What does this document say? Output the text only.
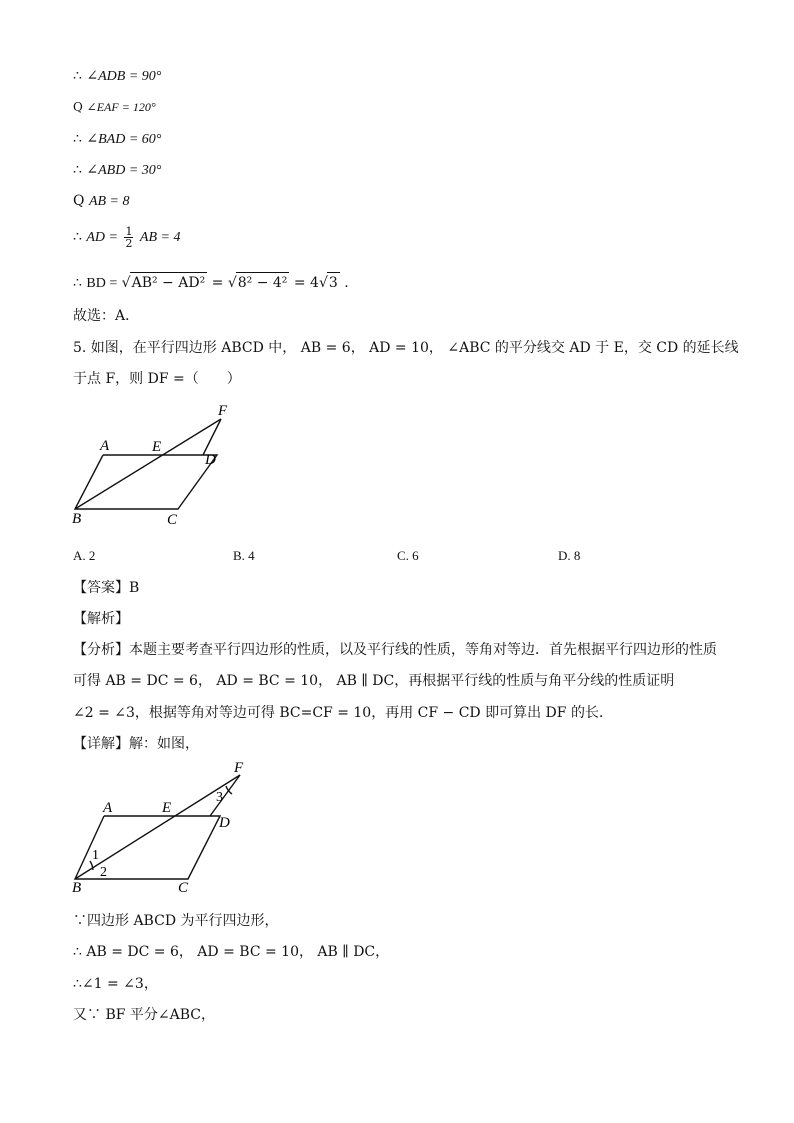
∴ ∠ADB = 90°
Q ∠EAF = 120°
∴ ∠BAD = 60°
∴ ∠ABD = 30°
Q AB = 8
∴ AD = $\frac{1}{2}$ AB = 4
∴ BD = √AB² − AD² = √8² − 4² = 4√3 .
故选：A．
5. 如图，在平行四边形 ABCD 中， AB = 6， AD = 10， ∠ABC 的平分线交 AD 于 E，交 CD 的延长线
于点 F，则 DF =（　　）
A	E
D
F
B	C
A. 2	B. 4	C. 6	D. 8
【答案】B
【解析】
【分析】本题主要考查平行四边形的性质，以及平行线的性质，等角对等边．首先根据平行四边形的性质
可得 AB = DC = 6， AD = BC = 10， AB ∥ DC，再根据平行线的性质与角平分线的性质证明
∠2 = ∠3，根据等角对等边可得 BC=CF = 10，再用 CF − CD 即可算出 DF 的长．
【详解】解：如图，
A	E
D
F
B	C
1
2
3
∵四边形 ABCD 为平行四边形，
∴ AB = DC = 6， AD = BC = 10， AB ∥ DC，
∴∠1 = ∠3，
又∵ BF 平分∠ABC，
